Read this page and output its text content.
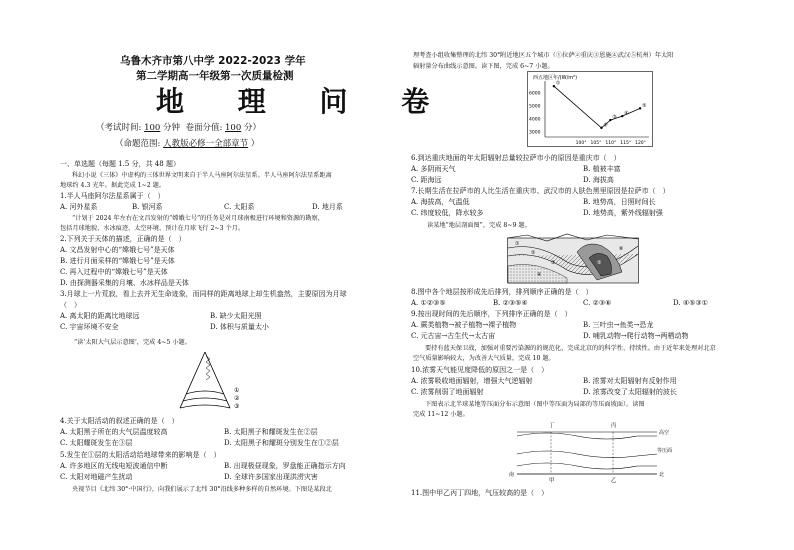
乌鲁木齐市第八中学 2022-2023 学年
第二学期高一年级第一次质量检测
地 理 问 卷
（考试时间: 100 分钟 卷面分值: 100 分）
（命题范围: 人教版必修一全部章节 ）
一、单选题（每题 1.5 分，共 48 题）
科幻小说《三体》中虚构的三体世界文明来自于半人马座阿尔法星系。半人马座阿尔法星系距离
地球约 4.3 光年。据此完成 1~2 题。
1.半人马座阿尔法星系属于（　）
A. 河外星系	B. 银河系	C. 太阳系	D. 地月系
“计划于 2024 年左右在文昌发射的“嫦娥七号”的任务是对月球南极进行环境和资源的勘察，
包括月球地貌、水冰痕迹、太空环境、预计在月球飞行 2~3 个月。
2.下列关于天体的描述，正确的是（　）
A. 文昌发射中心的“嫦娥七号”是天体
B. 进行月面采样的“嫦娥七号”是天体
C. 再入过程中的“嫦娥七号”是天体
D. 由探测器采集的月壤、水冰样品是天体
3.月球上一片荒寂，看上去并无生命迹象，而同样的距离地球上却生机盎然，主要原因为月球
（　）
A. 离太阳的距离比地球远	B. 缺少太阳光照
C. 宇宙环境不安全	D. 体积与质量太小
“读‘太阳大气层示意图’，完成 4~5 小题。
①
②
③
4.关于太阳活动的叙述正确的是（　）
A. 太阳黑子所在的大气层温度较高	B. 太阳黑子和耀斑发生在②层
C. 太阳耀斑发生在③层	D. 太阳黑子和耀斑分别发生在①②层
5.发生在①层的太阳活动给地球带来的影响是（　）
A. 许多地区的无线电短波通信中断	B. 出现极昼现象，罗盘能正确指示方向
C. 太阳对地磁产生扰动	D. 全球许多国家出现洪涝灾害
央视节目《北纬 30°·中国行》，向我们展示了北纬 30°沿线多种多样的自然环境。下图是某段北
理考查小组收集整理的北纬 30°附近地区五个城市（①拉萨②重庆③恩施④武汉⑤杭州）年太阳
辐射量分布曲线示意图。读下图，完成 6~7 小题。
西五地区年/(W/m²)
6000
5000
4000
3000
100° 105° 110° 115° 120°
①
②
③
④
⑤
6.到达重庆地面的年太阳辐射总量较拉萨市小的原因是重庆市（　）
A. 多阴雨天气	B. 植被丰富
C. 距海远	D. 海拔高
7.长期生活在拉萨市的人比生活在重庆市、武汉市的人肤色黑里原因是拉萨市（　）
A. 海拔高，气温低	B. 地势高，日照时间长
C. 纬度较低，降水较多	D. 地势高，紫外线辐射强
读某地“地层剖面图”，完成 8~9 题。
①
②
③
④
⑤
⑥
8.图中各个地层按形成先后排列，排列顺序正确的是（　）
A. ①②③⑤	B. ②③⑤④	C. ②③⑥	D. ④⑤③①
9.按出现时间的先后顺序，下列排序正确的是（　）
A. 蕨类植物→被子植物→裸子植物	B. 三叶虫→鱼类→恐龙
C. 元古宙→古生代→太古宙	D. 哺乳动物→爬行动物→两栖动物
要持有蓝天保卫战，加强对重要污染源的的规范化，完成北京的的科学性、持续性。由于近年来处理对北京
空气质量影响较大，为改善大气质量，完成 10 题。
10.浓雾天气能见度降低的原因之一是（　）
A. 浓雾吸收地面辐射，增强大气逆辐射	B. 浓雾对太阳辐射有反射作用
C. 浓雾削弱了地面辐射	D. 浓雾改变了太阳辐射的波长
下图表示北半球某地等压面分布示意图（图中等压面为局部的等压面坡面）。读图
完成 11~12 小题。
丁	丙
高空
等压面
南	北
甲	乙
11.图中甲乙丙丁四地，气压较高的是（　）
